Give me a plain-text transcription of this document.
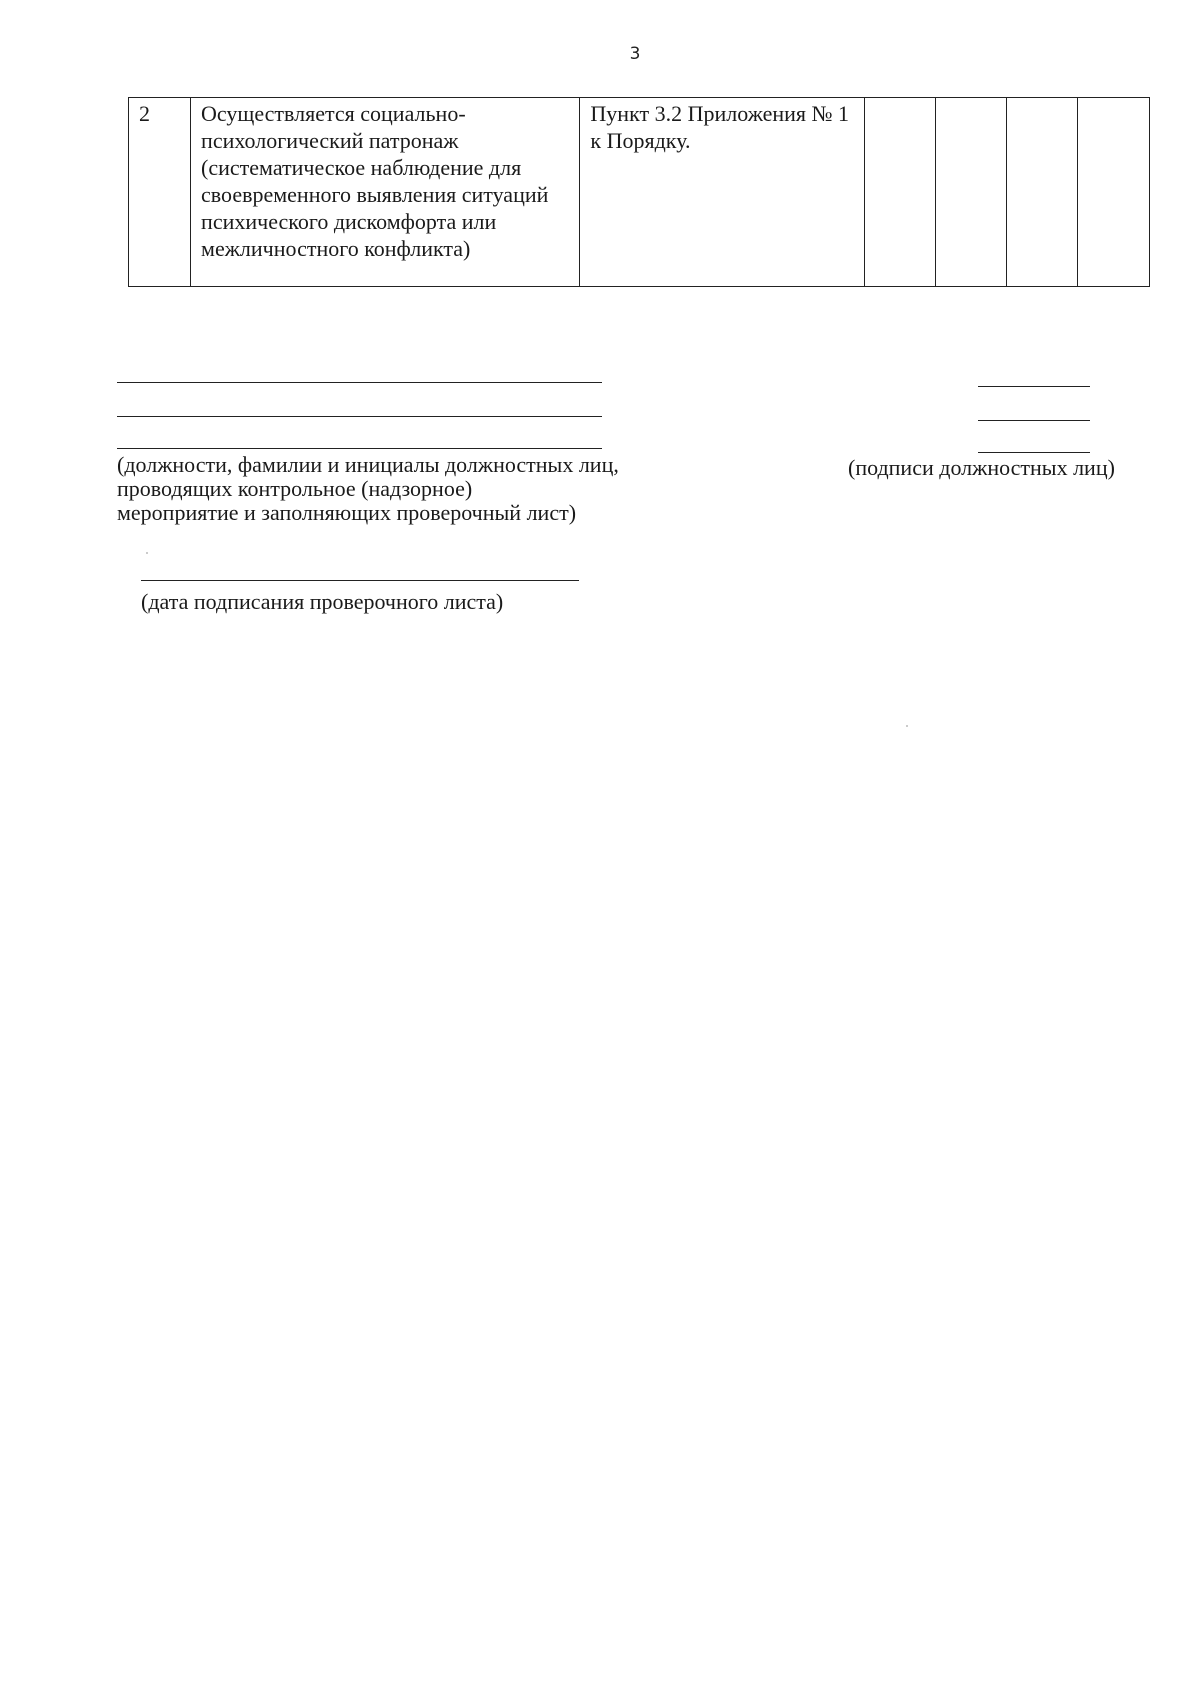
3
2	Осуществляется социально-психологический патронаж (систематическое наблюдение для своевременного выявления ситуаций психического дискомфорта или межличностного конфликта)	Пункт 3.2 Приложения № 1 к Порядку.				
(должности, фамилии и инициалы должностных лиц,
проводящих контрольное (надзорное)
мероприятие и заполняющих проверочный лист)
(подписи должностных лиц)
(дата подписания проверочного листа)
